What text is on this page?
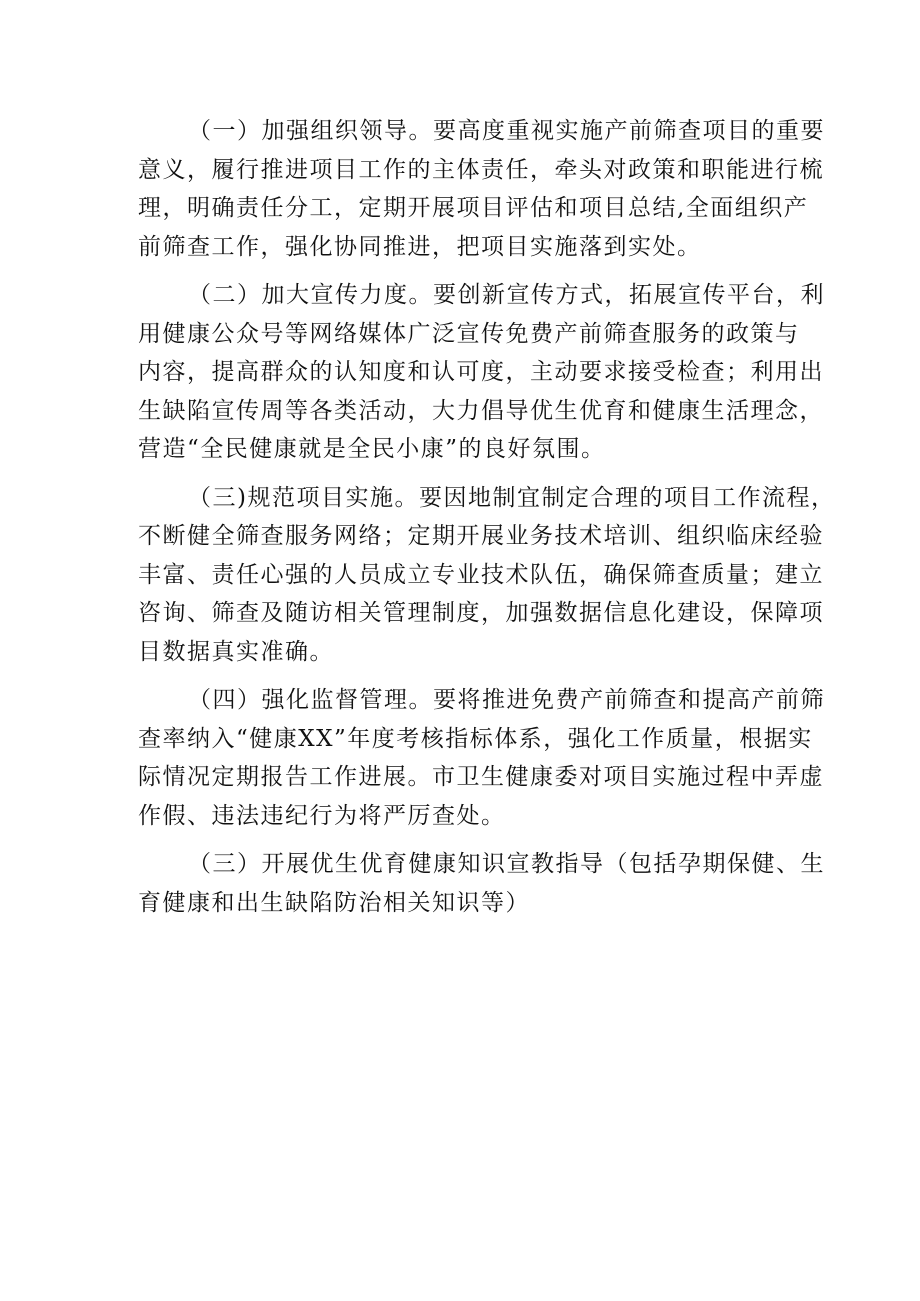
（一）加强组织领导。要高度重视实施产前筛查项目的重要
意义，履行推进项目工作的主体责任，牵头对政策和职能进行梳
理，明确责任分工，定期开展项目评估和项目总结,全面组织产
前筛查工作，强化协同推进，把项目实施落到实处。
（二）加大宣传力度。要创新宣传方式，拓展宣传平台，利
用健康公众号等网络媒体广泛宣传免费产前筛查服务的政策与
内容，提高群众的认知度和认可度，主动要求接受检查；利用出
生缺陷宣传周等各类活动，大力倡导优生优育和健康生活理念，
营造“全民健康就是全民小康”的良好氛围。
（三)规范项目实施。要因地制宜制定合理的项目工作流程，
不断健全筛查服务网络；定期开展业务技术培训、组织临床经验
丰富、责任心强的人员成立专业技术队伍，确保筛查质量；建立
咨询、筛查及随访相关管理制度，加强数据信息化建设，保障项
目数据真实准确。
（四）强化监督管理。要将推进免费产前筛查和提高产前筛
查率纳入“健康XX”年度考核指标体系，强化工作质量，根据实
际情况定期报告工作进展。市卫生健康委对项目实施过程中弄虚
作假、违法违纪行为将严厉查处。
（三）开展优生优育健康知识宣教指导（包括孕期保健、生
育健康和出生缺陷防治相关知识等）
